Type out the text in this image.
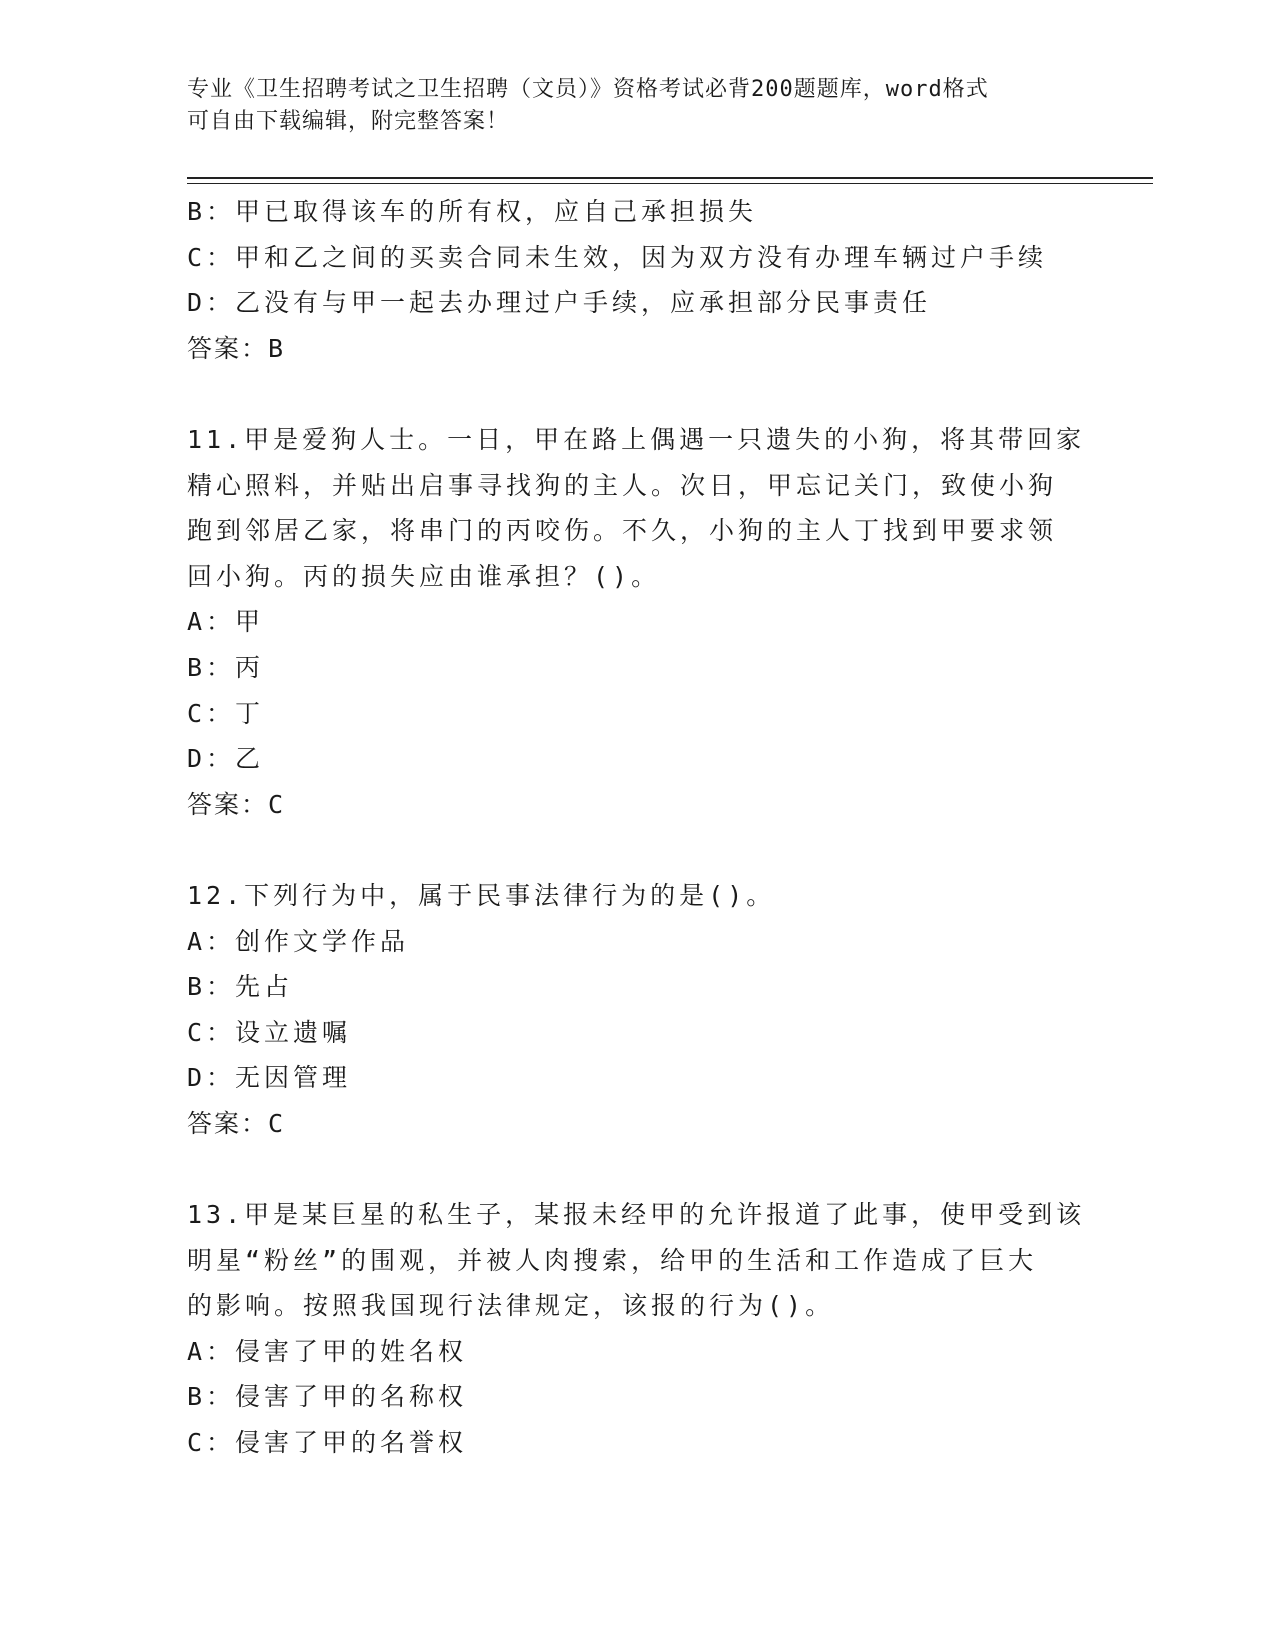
专业《卫生招聘考试之卫生招聘（文员）》资格考试必背200题题库，word格式
可自由下载编辑，附完整答案！
B：甲已取得该车的所有权，应自己承担损失
C：甲和乙之间的买卖合同未生效，因为双方没有办理车辆过户手续
D：乙没有与甲一起去办理过户手续，应承担部分民事责任
答案：B
11.甲是爱狗人士。一日，甲在路上偶遇一只遗失的小狗，将其带回家
精心照料，并贴出启事寻找狗的主人。次日，甲忘记关门，致使小狗
跑到邻居乙家，将串门的丙咬伤。不久，小狗的主人丁找到甲要求领
回小狗。丙的损失应由谁承担？()。
A：甲
B：丙
C：丁
D：乙
答案：C
12.下列行为中，属于民事法律行为的是()。
A：创作文学作品
B：先占
C：设立遗嘱
D：无因管理
答案：C
13.甲是某巨星的私生子，某报未经甲的允许报道了此事，使甲受到该
明星“粉丝”的围观，并被人肉搜索，给甲的生活和工作造成了巨大
的影响。按照我国现行法律规定，该报的行为()。
A：侵害了甲的姓名权
B：侵害了甲的名称权
C：侵害了甲的名誉权
